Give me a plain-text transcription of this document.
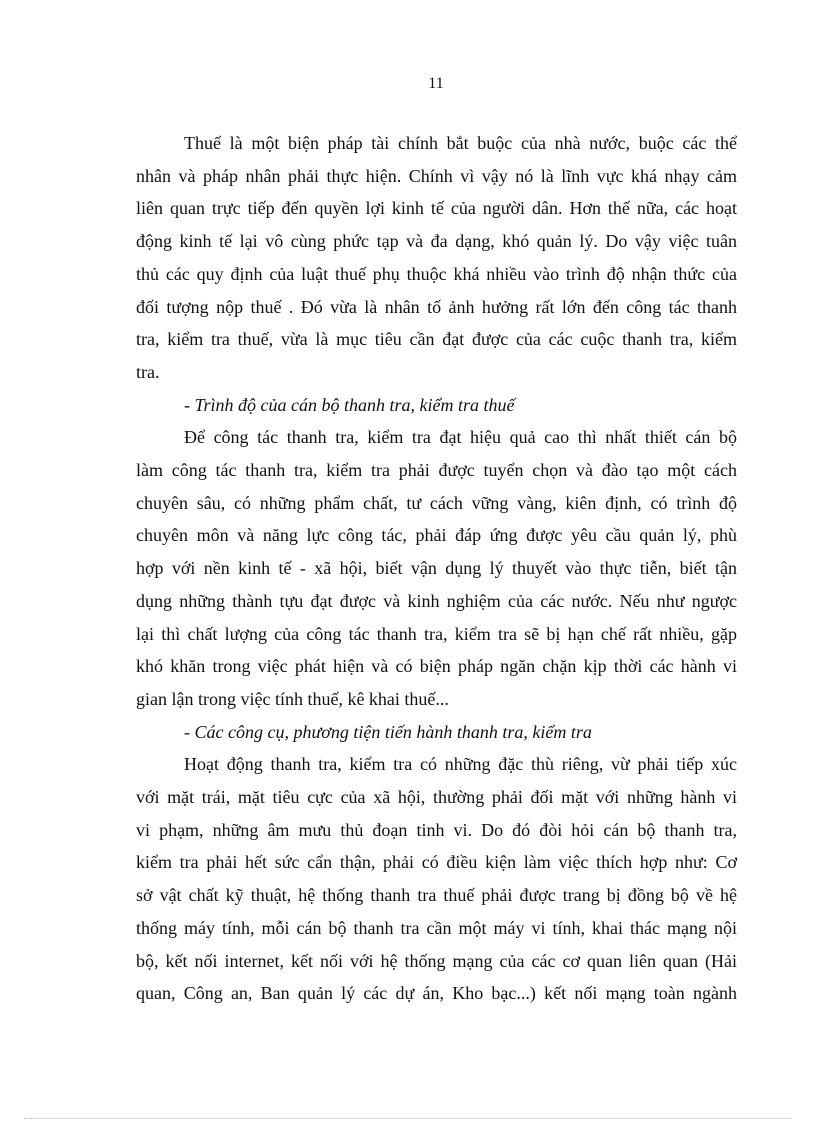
11

Thuế là một biện pháp tài chính bắt buộc của nhà nước, buộc các thể
nhân và pháp nhân phải thực hiện. Chính vì vậy nó là lĩnh vực khá nhạy cảm
liên quan trực tiếp đến quyền lợi kinh tế của người dân. Hơn thế nữa, các hoạt
động kinh tế lại vô cùng phức tạp và đa dạng, khó quản lý. Do vậy việc tuân
thủ các quy định của luật thuế phụ thuộc khá nhiều vào trình độ nhận thức của
đối tượng nộp thuế . Đó vừa là nhân tố ảnh hưởng rất lớn đến công tác thanh
tra, kiểm tra thuế, vừa là mục tiêu cần đạt được của các cuộc thanh tra, kiểm
tra.

- Trình độ của cán bộ thanh tra, kiểm tra thuế

Để công tác thanh tra, kiểm tra đạt hiệu quả cao thì nhất thiết cán bộ
làm công tác thanh tra, kiểm tra phải được tuyển chọn và đào tạo một cách
chuyên sâu, có những phẩm chất, tư cách vững vàng, kiên định, có trình độ
chuyên môn và năng lực công tác, phải đáp ứng được yêu cầu quản lý, phù
hợp với nền kinh tế - xã hội, biết vận dụng lý thuyết vào thực tiễn, biết tận
dụng những thành tựu đạt được và kinh nghiệm của các nước. Nếu như ngược
lại thì chất lượng của công tác thanh tra, kiểm tra sẽ bị hạn chế rất nhiều, gặp
khó khăn trong việc phát hiện và có biện pháp ngăn chặn kịp thời các hành vi
gian lận trong việc tính thuế, kê khai thuế...

- Các công cụ, phương tiện tiến hành thanh tra, kiểm tra

Hoạt động thanh tra, kiểm tra có những đặc thù riêng, vừ phải tiếp xúc
với mặt trái, mặt tiêu cực của xã hội, thường phải đối mặt với những hành vi
vi phạm, những âm mưu thủ đoạn tinh vi. Do đó đòi hỏi cán bộ thanh tra,
kiểm tra phải hết sức cẩn thận, phải có điều kiện làm việc thích hợp như: Cơ
sở vật chất kỹ thuật, hệ thống thanh tra thuế phải được trang bị đồng bộ về hệ
thống máy tính, mỗi cán bộ thanh tra cần một máy vi tính, khai thác mạng nội
bộ, kết nối internet, kết nối với hệ thống mạng của các cơ quan liên quan (Hải
quan, Công an, Ban quản lý các dự án, Kho bạc...) kết nối mạng toàn ngành
